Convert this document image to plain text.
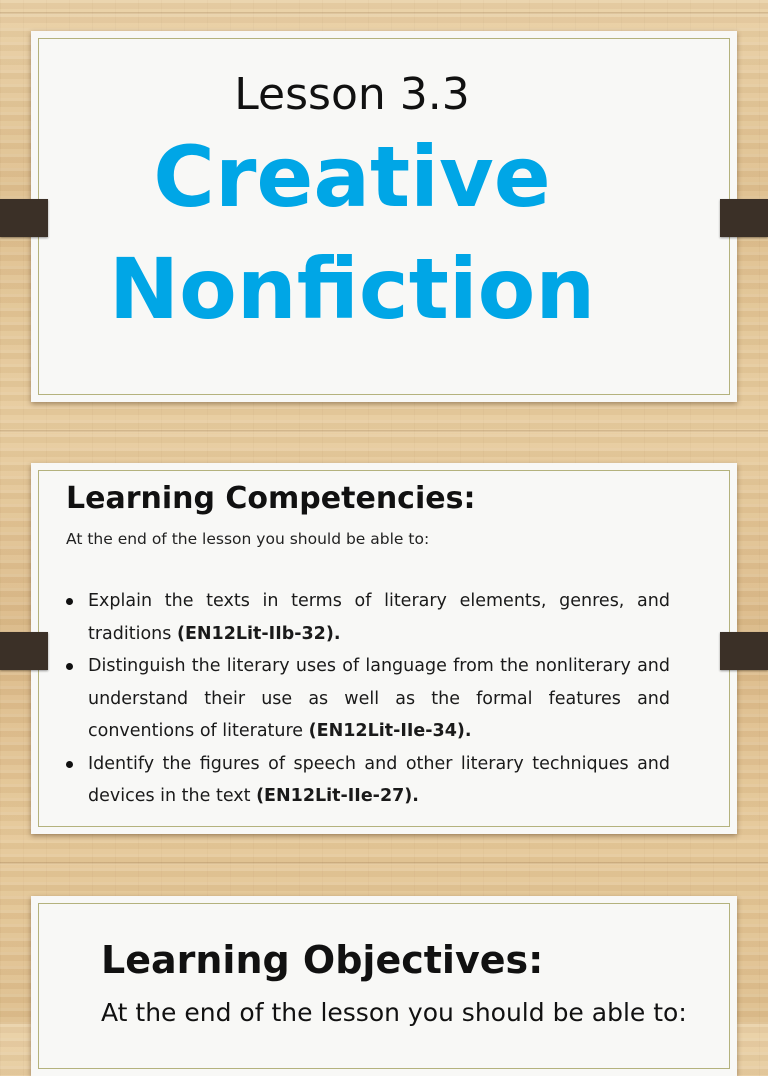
Lesson 3.3
Creative
Nonfiction
Learning Competencies:
At the end of the lesson you should be able to:
Explain the texts in terms of literary elements, genres, and traditions (EN12Lit-IIb-32).
Distinguish the literary uses of language from the nonliterary and understand their use as well as the formal features and conventions of literature (EN12Lit-IIe-34).
Identify the figures of speech and other literary techniques and devices in the text (EN12Lit-IIe-27).
Learning Objectives:
At the end of the lesson you should be able to:
